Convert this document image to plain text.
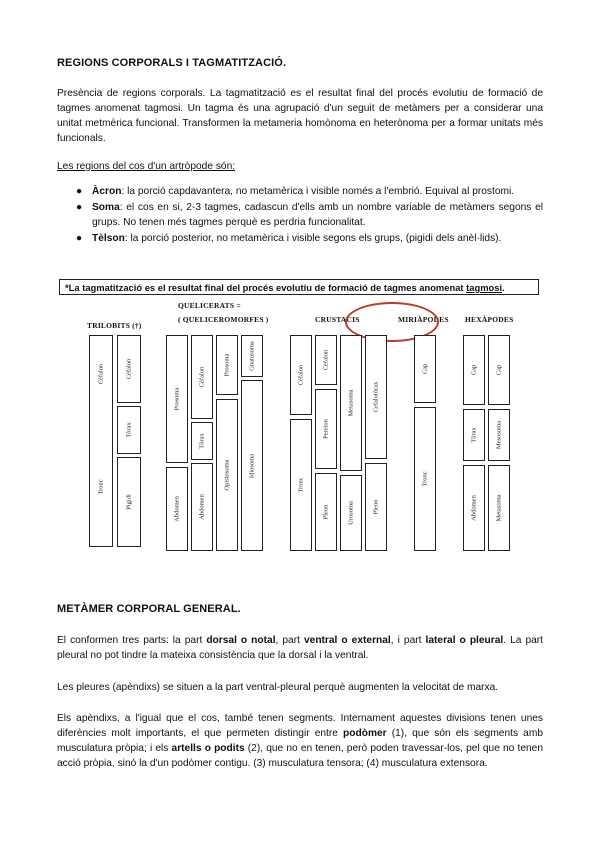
REGIONS CORPORALS I TAGMATITZACIÓ.
Presència de regions corporals. La tagmatització es el resultat final del procés evolutiu de formació de tagmes anomenat tagmosi. Un tagma és una agrupació d'un seguit de metàmers per a considerar una unitat metmèrica funcional. Transformen la metameria homònoma en heterònoma per a formar unitats més funcionals.
Les regions del cos d'un artròpode són:
● Àcron: la porció capdavantera, no metamèrica i visible només a l'embrió. Equival al prostomi.
● Soma: el cos en si, 2-3 tagmes, cadascun d'ells amb un nombre variable de metàmers segons el grups. No tenen més tagmes perquè es perdria funcionalitat.
● Tèlson: la porció posterior, no metamèrica i visible segons els grups, (pigidi dels anèl·lids).
*La tagmatització es el resultat final del procés evolutiu de formació de tagmes anomenat tagmosi.
TRILOBITS (†)
QUELICERATS =
( QUELICEROMORFES )	CRUSTACIS	MIRIÀPODES HEXÀPODES
Cèfalon
Tronc
Cèfalon
Tòrax
Pigidi
Prosoma
Abdomen
Cèfalon
Tòrax
Abdomen
Prosoma
Opistosoma
Gnatosoma
Idiosoma
Cèfalon
Tronc
Cèfalon
Pereion
Pleon
Metasoma
Urosoma
Cefalotòrax
Pleon
Cap
Tronc
Cap
Tòrax
Abdomen
Cap
Mesosoma
Metasoma
METÀMER CORPORAL GENERAL.
El conformen tres parts: la part dorsal o notal, part ventral o external, i part lateral o pleural. La part pleural no pot tindre la mateixa consistència que la dorsal i la ventral.
Les pleures (apèndixs) se situen a la part ventral-pleural perquè augmenten la velocitat de marxa.
Els apèndixs, a l'igual que el cos, també tenen segments. Internament aquestes divisions tenen unes diferències molt importants, el que permeten distingir entre podòmer (1), que són els segments amb musculatura pròpia; i els artells o podits (2), que no en tenen, però poden travessar-los, pel que no tenen acció pròpia, sinó la d'un podòmer contigu. (3) musculatura tensora; (4) musculatura extensora.
